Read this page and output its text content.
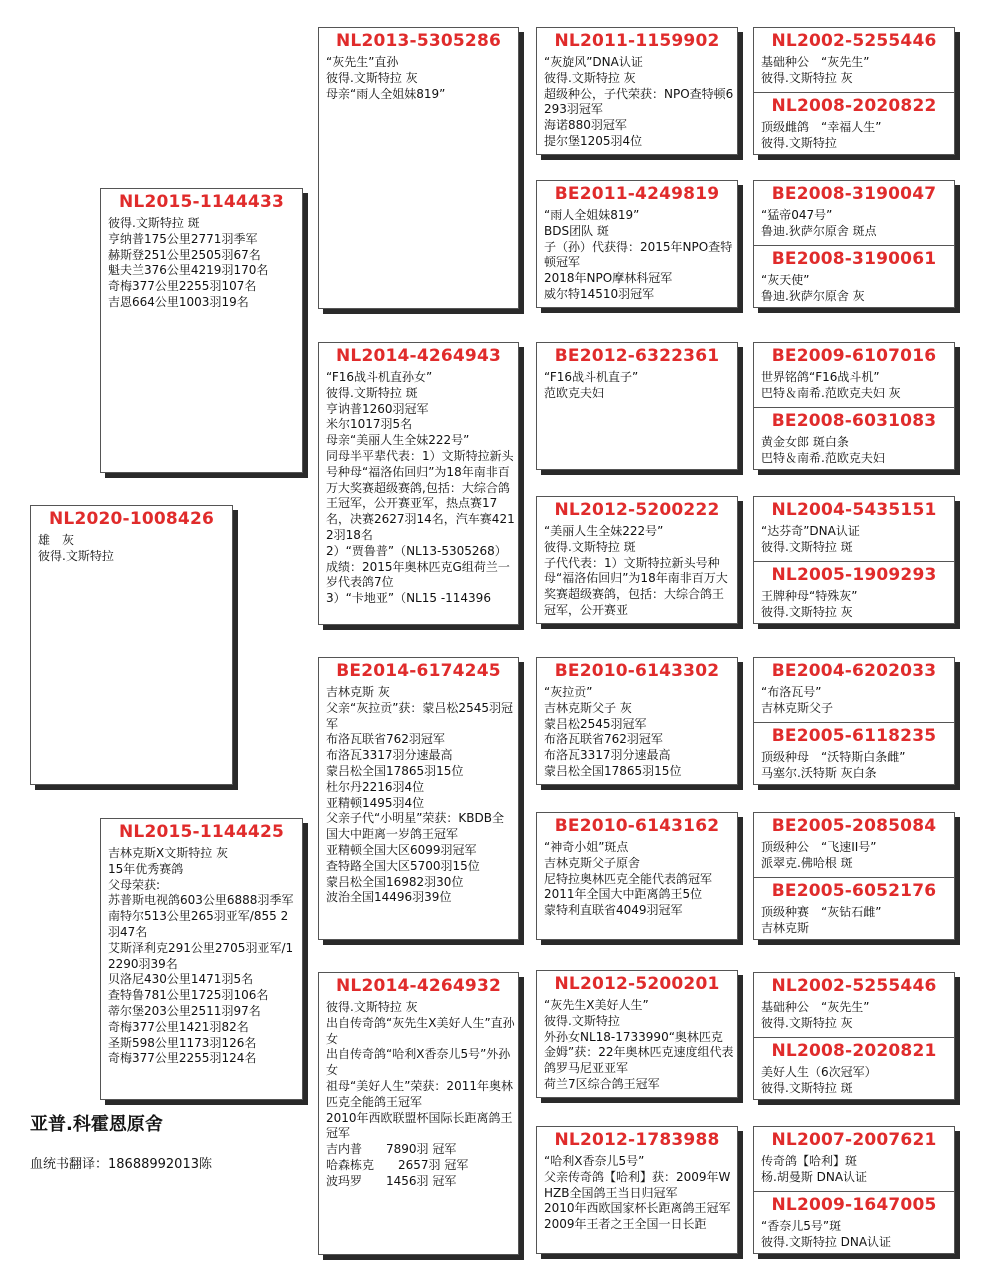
NL2020-1008426
雄　灰
彼得.文斯特拉
NL2015-1144433
彼得.文斯特拉 斑
亨纳普175公里2771羽季军
赫斯登251公里2505羽67名
魁夫兰376公里4219羽170名
奇梅377公里2255羽107名
吉恩664公里1003羽19名
NL2015-1144425
吉林克斯X文斯特拉 灰
15年优秀赛鸽
父母荣获:
苏普斯电视鸽603公里6888羽季军
南特尔513公里265羽亚军/855 2羽47名
艾斯泽利克291公里2705羽亚军/12290羽39名
贝洛尼430公里1471羽5名
查特鲁781公里1725羽106名
蒂尔堡203公里2511羽97名
奇梅377公里1421羽82名
圣斯598公里1173羽126名
奇梅377公里2255羽124名
NL2013-5305286
“灰先生”直孙
彼得.文斯特拉 灰
母亲“雨人全姐妹819”
NL2014-4264943
“F16战斗机直孙女”
彼得.文斯特拉 斑
亨讷普1260羽冠军
米尔1017羽5名
母亲“美丽人生全妹222号”
同母半平辈代表：1）文斯特拉新头号种母“福洛佑回归”为18年南非百万大奖赛超级赛鸽,包括：大综合鸽王冠军，公开赛亚军，热点赛17名，决赛2627羽14名，汽车赛4212羽18名
2）“贾鲁普”（NL13-5305268）成绩：2015年奥林匹克G组荷兰一岁代表鸽7位
3）“卡地亚”（NL15 -114396
BE2014-6174245
吉林克斯 灰
父亲“灰拉贡”获：蒙吕松2545羽冠军
布洛瓦联省762羽冠军
布洛瓦3317羽分速最高
蒙吕松全国17865羽15位
杜尔丹2216羽4位
亚精顿1495羽4位
父亲子代“小明星”荣获：KBDB全国大中距离一岁鸽王冠军
亚精顿全国大区6099羽冠军
查特路全国大区5700羽15位
蒙吕松全国16982羽30位
波治全国14496羽39位
NL2014-4264932
彼得.文斯特拉 灰
出自传奇鸽“灰先生X美好人生”直孙女
出自传奇鸽“哈利X香奈儿5号”外孙女
祖母“美好人生”荣获：2011年奥林匹克全能鸽王冠军
2010年西欧联盟杯国际长距离鸽王冠军
吉内普　　7890羽 冠军
哈森栋克　　2657羽 冠军
波玛罗　　1456羽 冠军
NL2011-1159902
“灰旋风”DNA认证
彼得.文斯特拉 灰
超级种公，子代荣获：NPO查特顿6293羽冠军
海诺880羽冠军
提尔堡1205羽4位
BE2011-4249819
“雨人全姐妹819”
BDS团队 斑
子（孙）代获得：2015年NPO查特顿冠军
2018年NPO摩林科冠军
威尔特14510羽冠军
BE2012-6322361
“F16战斗机直子”
范欧克夫妇
NL2012-5200222
“美丽人生全妹222号”
彼得.文斯特拉 斑
子代代表：1）文斯特拉新头号种母“福洛佑回归”为18年南非百万大奖赛超级赛鸽，包括：大综合鸽王冠军，公开赛亚
BE2010-6143302
“灰拉贡”
吉林克斯父子 灰
蒙吕松2545羽冠军
布洛瓦联省762羽冠军
布洛瓦3317羽分速最高
蒙吕松全国17865羽15位
BE2010-6143162
“神奇小姐”斑点
吉林克斯父子原舍
尼特拉奥林匹克全能代表鸽冠军
2011年全国大中距离鸽王5位
蒙特利直联省4049羽冠军
NL2012-5200201
“灰先生X美好人生”
彼得.文斯特拉
外孙女NL18-1733990“奥林匹克金姆”获：22年奥林匹克速度组代表鸽罗马尼亚亚军
荷兰7区综合鸽王冠军
NL2012-1783988
“哈利X香奈儿5号”
父亲传奇鸽【哈利】获：2009年WHZB全国鸽王当日归冠军
2010年西欧国家杯长距离鸽王冠军
2009年王者之王全国一日长距
NL2002-5255446
基础种公　“灰先生”
彼得.文斯特拉 灰
NL2008-2020822
顶级雌鸽　“幸福人生”
彼得.文斯特拉
BE2008-3190047
“猛帝047号”
鲁迪.狄萨尔原舍 斑点
BE2008-3190061
“灰天使”
鲁迪.狄萨尔原舍 灰
BE2009-6107016
世界铭鸽“F16战斗机”
巴特＆南希.范欧克夫妇 灰
BE2008-6031083
黄金女郎 斑白条
巴特＆南希.范欧克夫妇
NL2004-5435151
“达芬奇”DNA认证
彼得.文斯特拉 斑
NL2005-1909293
王牌种母“特殊灰”
彼得.文斯特拉 灰
BE2004-6202033
“布洛瓦号”
吉林克斯父子
BE2005-6118235
顶级种母　“沃特斯白条雌”
马塞尔.沃特斯 灰白条
BE2005-2085084
顶级种公　“飞速II号”
派翠克.佛哈根 斑
BE2005-6052176
顶级种赛　“灰钻石雌”
吉林克斯
NL2002-5255446
基础种公　“灰先生”
彼得.文斯特拉 灰
NL2008-2020821
美好人生（6次冠军）
彼得.文斯特拉 斑
NL2007-2007621
传奇鸽【哈利】斑
杨.胡曼斯 DNA认证
NL2009-1647005
“香奈儿5号”斑
彼得.文斯特拉 DNA认证
亚普.科霍恩原舍
血统书翻译：18688992013陈
